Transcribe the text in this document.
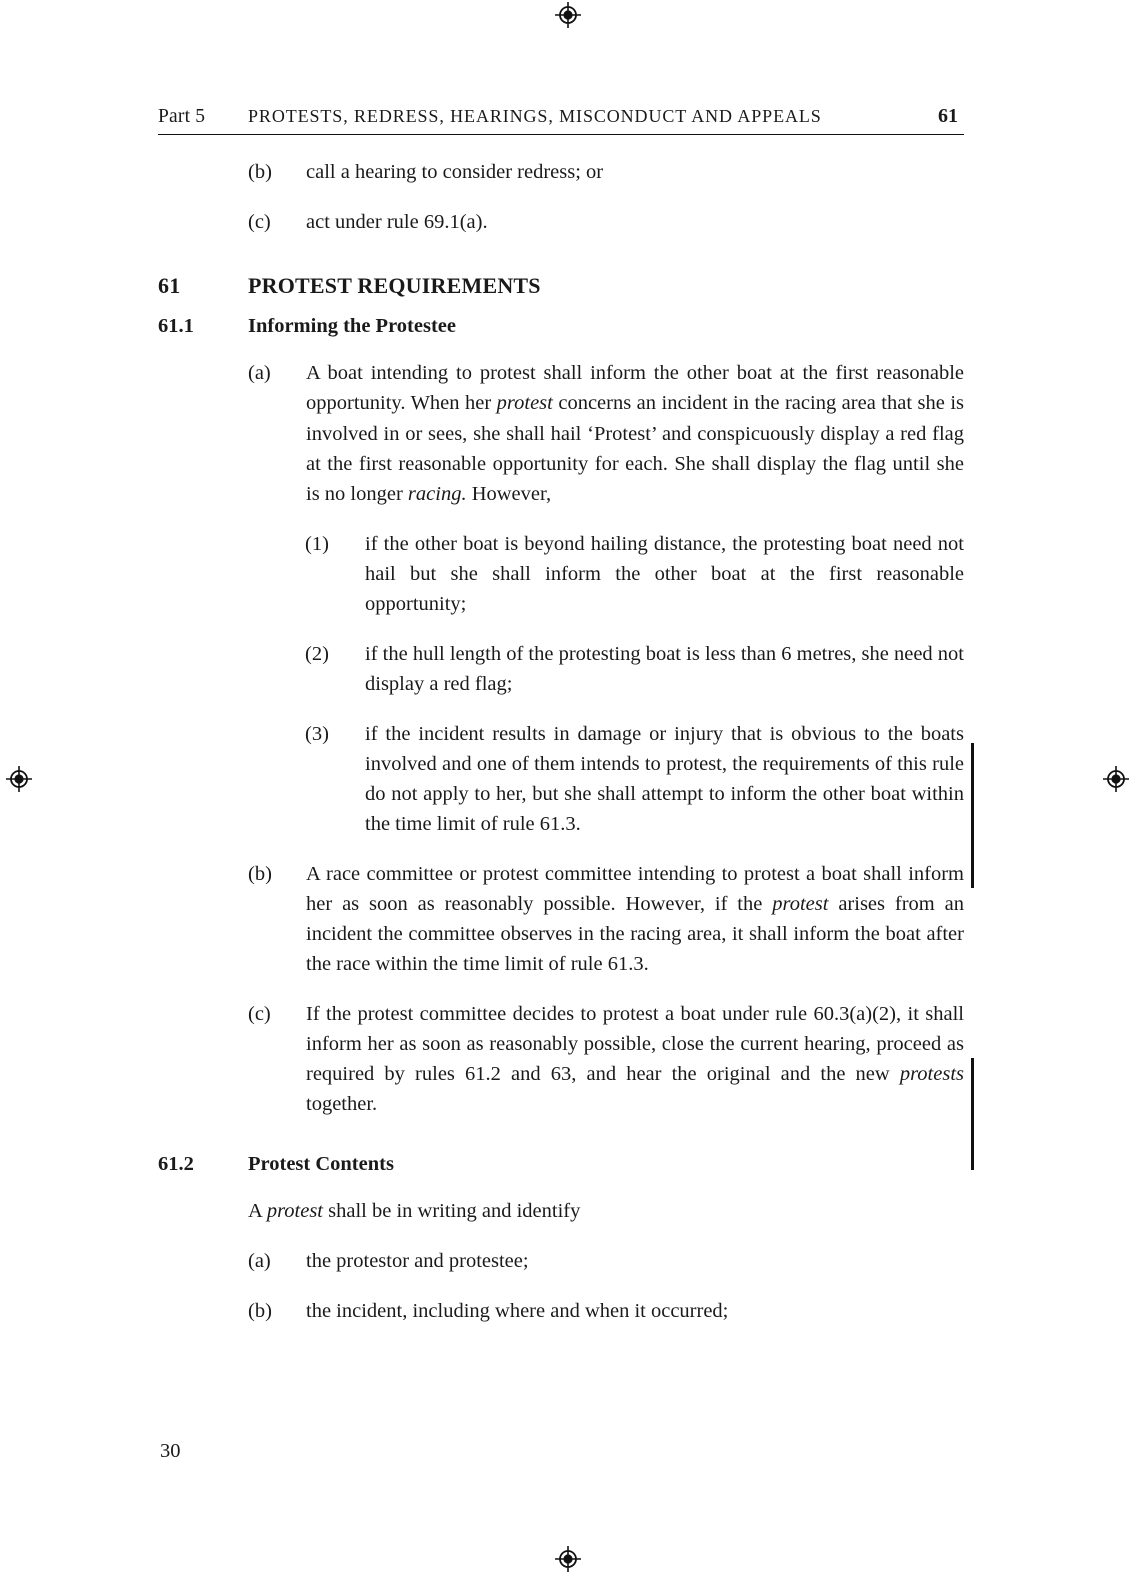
Part 5	PROTESTS, REDRESS, HEARINGS, MISCONDUCT AND APPEALS	61
(b)	call a hearing to consider redress; or
(c)	act under rule 69.1(a).
61	PROTEST REQUIREMENTS
61.1	Informing the Protestee
(a)	A boat intending to protest shall inform the other boat at the first reasonable opportunity. When her protest concerns an incident in the racing area that she is involved in or sees, she shall hail ‘Protest’ and conspicuously display a red flag at the first reasonable opportunity for each. She shall display the flag until she is no longer racing. However,
(1)	if the other boat is beyond hailing distance, the protesting boat need not hail but she shall inform the other boat at the first reasonable opportunity;
(2)	if the hull length of the protesting boat is less than 6 metres, she need not display a red flag;
(3)	if the incident results in damage or injury that is obvious to the boats involved and one of them intends to protest, the requirements of this rule do not apply to her, but she shall attempt to inform the other boat within the time limit of rule 61.3.
(b)	A race committee or protest committee intending to protest a boat shall inform her as soon as reasonably possible. However, if the protest arises from an incident the committee observes in the racing area, it shall inform the boat after the race within the time limit of rule 61.3.
(c)	If the protest committee decides to protest a boat under rule 60.3(a)(2), it shall inform her as soon as reasonably possible, close the current hearing, proceed as required by rules 61.2 and 63, and hear the original and the new protests together.
61.2	Protest Contents
A protest shall be in writing and identify
(a)	the protestor and protestee;
(b)	the incident, including where and when it occurred;
30
